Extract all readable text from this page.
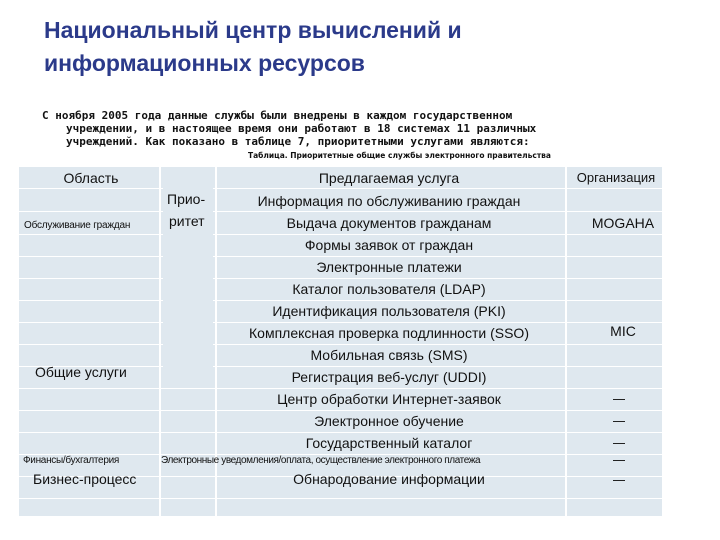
Национальный центр вычислений и
информационных ресурсов
С ноября 2005 года данные службы были внедрены в каждом государственном
учреждении, и в настоящее время они работают в 18 системах 11 различных
учреждений. Как показано в таблице 7, приоритетными услугами являются:
Таблица. Приоритетные общие службы электронного правительства
Область	Предлагаемая услуга	Организация
Прио-
ритет
Обслуживание граждан
Общие услуги
Финансы/бухгалтерия
Бизнес-процесс
Информация по обслуживанию граждан
Выдача документов гражданам
Формы заявок от граждан
Электронные платежи
Каталог пользователя (LDAP)
Идентификация пользователя (PKI)
Комплексная проверка подлинности (SSO)
Мобильная связь (SMS)
Регистрация веб-услуг (UDDI)
Центр обработки Интернет-заявок
Электронное обучение
Государственный каталог
Электронные уведомления/оплата, осуществление электронного платежа
Обнародование информации
MOGAHA
MIC
